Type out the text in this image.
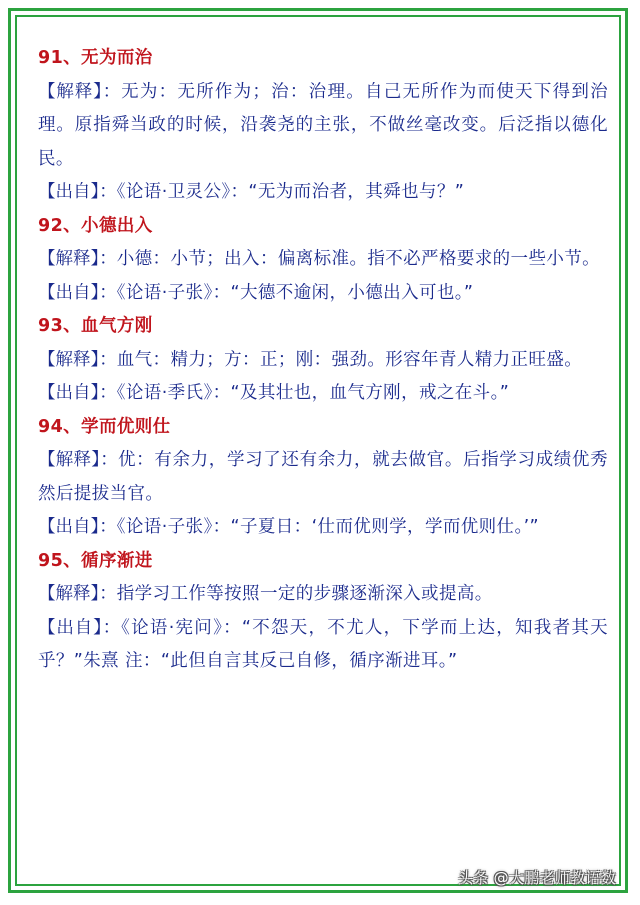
91、无为而治

【解释】：无为：无所作为；治：治理。自己无所作为而使天下得到治理。原指舜当政的时候，沿袭尧的主张，不做丝毫改变。后泛指以德化民。

【出自】：《论语·卫灵公》：“无为而治者，其舜也与？”

92、小德出入

【解释】：小德：小节；出入：偏离标准。指不必严格要求的一些小节。

【出自】：《论语·子张》：“大德不逾闲，小德出入可也。”

93、血气方刚

【解释】：血气：精力；方：正；刚：强劲。形容年青人精力正旺盛。

【出自】：《论语·季氏》：“及其壮也，血气方刚，戒之在斗。”

94、学而优则仕

【解释】：优：有余力，学习了还有余力，就去做官。后指学习成绩优秀然后提拔当官。

【出自】：《论语·子张》：“子夏日：‘仕而优则学，学而优则仕。’”

95、循序渐进

【解释】：指学习工作等按照一定的步骤逐渐深入或提高。

【出自】：《论语·宪问》：“不怨天，不尤人，下学而上达，知我者其天乎？”朱熹 注：“此但自言其反己自修，循序渐进耳。”

头条 @大鹏老师教语数
